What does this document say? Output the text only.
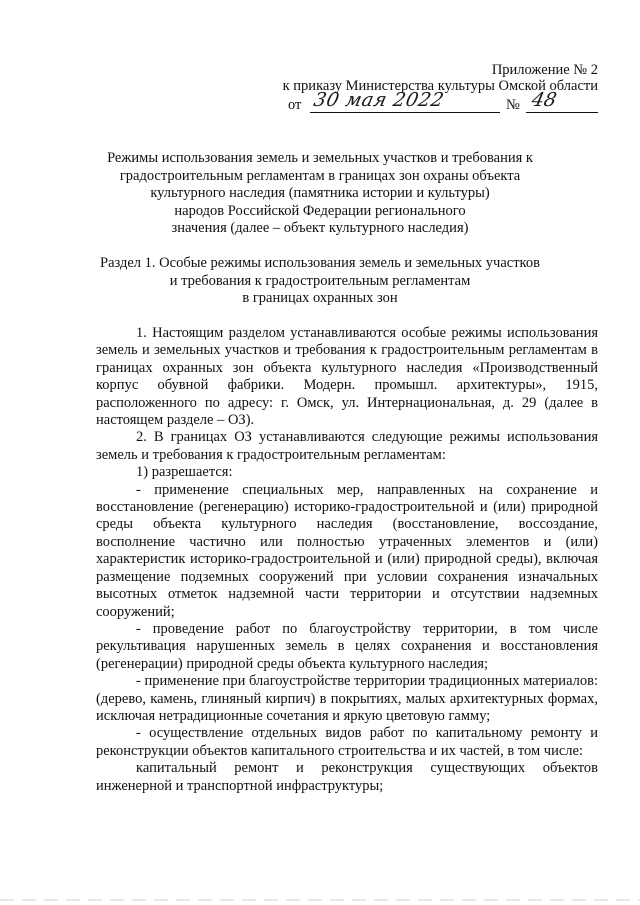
Приложение № 2
к приказу Министерства культуры Омской области
от 30 мая 2022	№ 48
Режимы использования земель и земельных участков и требования к
градостроительным регламентам в границах зон охраны объекта
культурного наследия (памятника истории и культуры)
народов Российской Федерации регионального
значения (далее – объект культурного наследия)
Раздел 1. Особые режимы использования земель и земельных участков
и требования к градостроительным регламентам
в границах охранных зон

1. Настоящим разделом устанавливаются особые режимы использования земель и земельных участков и требования к градостроительным регламентам в границах охранных зон объекта культурного наследия «Производственный корпус обувной фабрики. Модерн. промышл. архитектуры», 1915, расположенного по адресу: г. Омск, ул. Интернациональная, д. 29 (далее в настоящем разделе – ОЗ).

2. В границах ОЗ устанавливаются следующие режимы использования земель и требования к градостроительным регламентам:

1) разрешается:

- применение специальных мер, направленных на сохранение и восстановление (регенерацию) историко-градостроительной и (или) природной среды объекта культурного наследия (восстановление, воссоздание, восполнение частично или полностью утраченных элементов и (или) характеристик историко-градостроительной и (или) природной среды), включая размещение подземных сооружений при условии сохранения изначальных высотных отметок надземной части территории и отсутствии надземных сооружений;

- проведение работ по благоустройству территории, в том числе рекультивация нарушенных земель в целях сохранения и восстановления (регенерации) природной среды объекта культурного наследия;

- применение при благоустройстве территории традиционных материалов: (дерево, камень, глиняный кирпич) в покрытиях, малых архитектурных формах, исключая нетрадиционные сочетания и яркую цветовую гамму;

- осуществление отдельных видов работ по капитальному ремонту и реконструкции объектов капитального строительства и их частей, в том числе:

капитальный ремонт и реконструкция существующих объектов инженерной и транспортной инфраструктуры;
